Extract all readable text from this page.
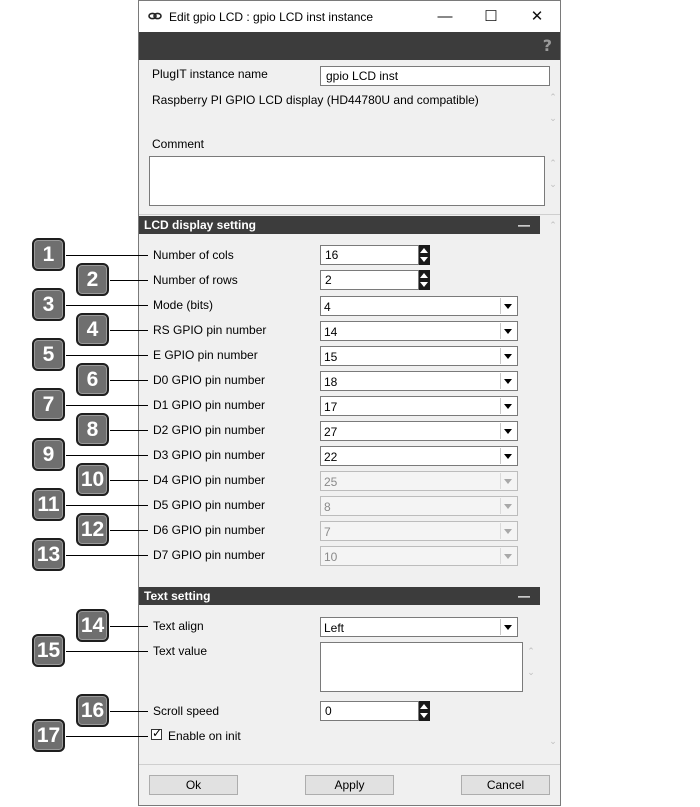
Edit gpio LCD : gpio LCD inst instance	—	☐	✕
?
PlugIT instance name	gpio LCD inst
Raspberry PI GPIO LCD display (HD44780U and compatible)	⌃

⌄
Comment
⌃

⌄
LCD display setting	—
Number of cols	16
Number of rows	2
Mode (bits)	4
RS GPIO pin number	14
E GPIO pin number	15
D0 GPIO pin number	18
D1 GPIO pin number	17
D2 GPIO pin number	27
D3 GPIO pin number	22
D4 GPIO pin number	25
D5 GPIO pin number	8
D6 GPIO pin number	7
D7 GPIO pin number	10
Text setting	—
Text align	Left
Text value	⌃

⌄
Scroll speed	0
✓ Enable on init
⌃
⌄
Ok	Apply	Cancel
1
2
3
4
5
6
7
8
9
10
11
12
13
14
15
16
17
